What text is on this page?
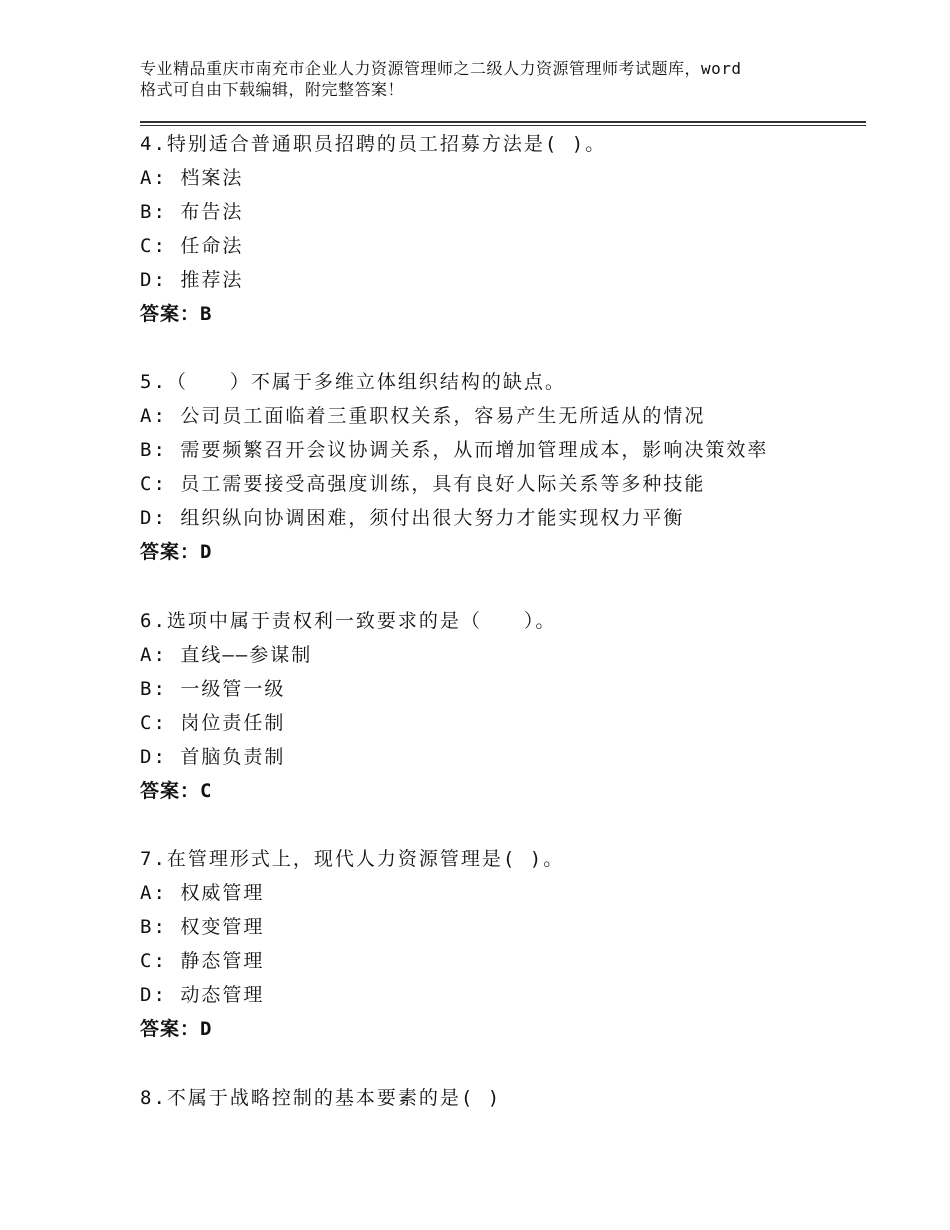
专业精品重庆市南充市企业人力资源管理师之二级人力资源管理师考试题库，word
格式可自由下载编辑，附完整答案！
4.特别适合普通职员招聘的员工招募方法是( )。
A: 档案法
B: 布告法
C: 任命法
D: 推荐法
答案：B
5.（　　）不属于多维立体组织结构的缺点。
A: 公司员工面临着三重职权关系，容易产生无所适从的情况
B: 需要频繁召开会议协调关系，从而增加管理成本，影响决策效率
C: 员工需要接受高强度训练，具有良好人际关系等多种技能
D: 组织纵向协调困难，须付出很大努力才能实现权力平衡
答案：D
6.选项中属于责权利一致要求的是（　　）。
A: 直线——参谋制
B: 一级管一级
C: 岗位责任制
D: 首脑负责制
答案：C
7.在管理形式上，现代人力资源管理是( )。
A: 权威管理
B: 权变管理
C: 静态管理
D: 动态管理
答案：D
8.不属于战略控制的基本要素的是( )
